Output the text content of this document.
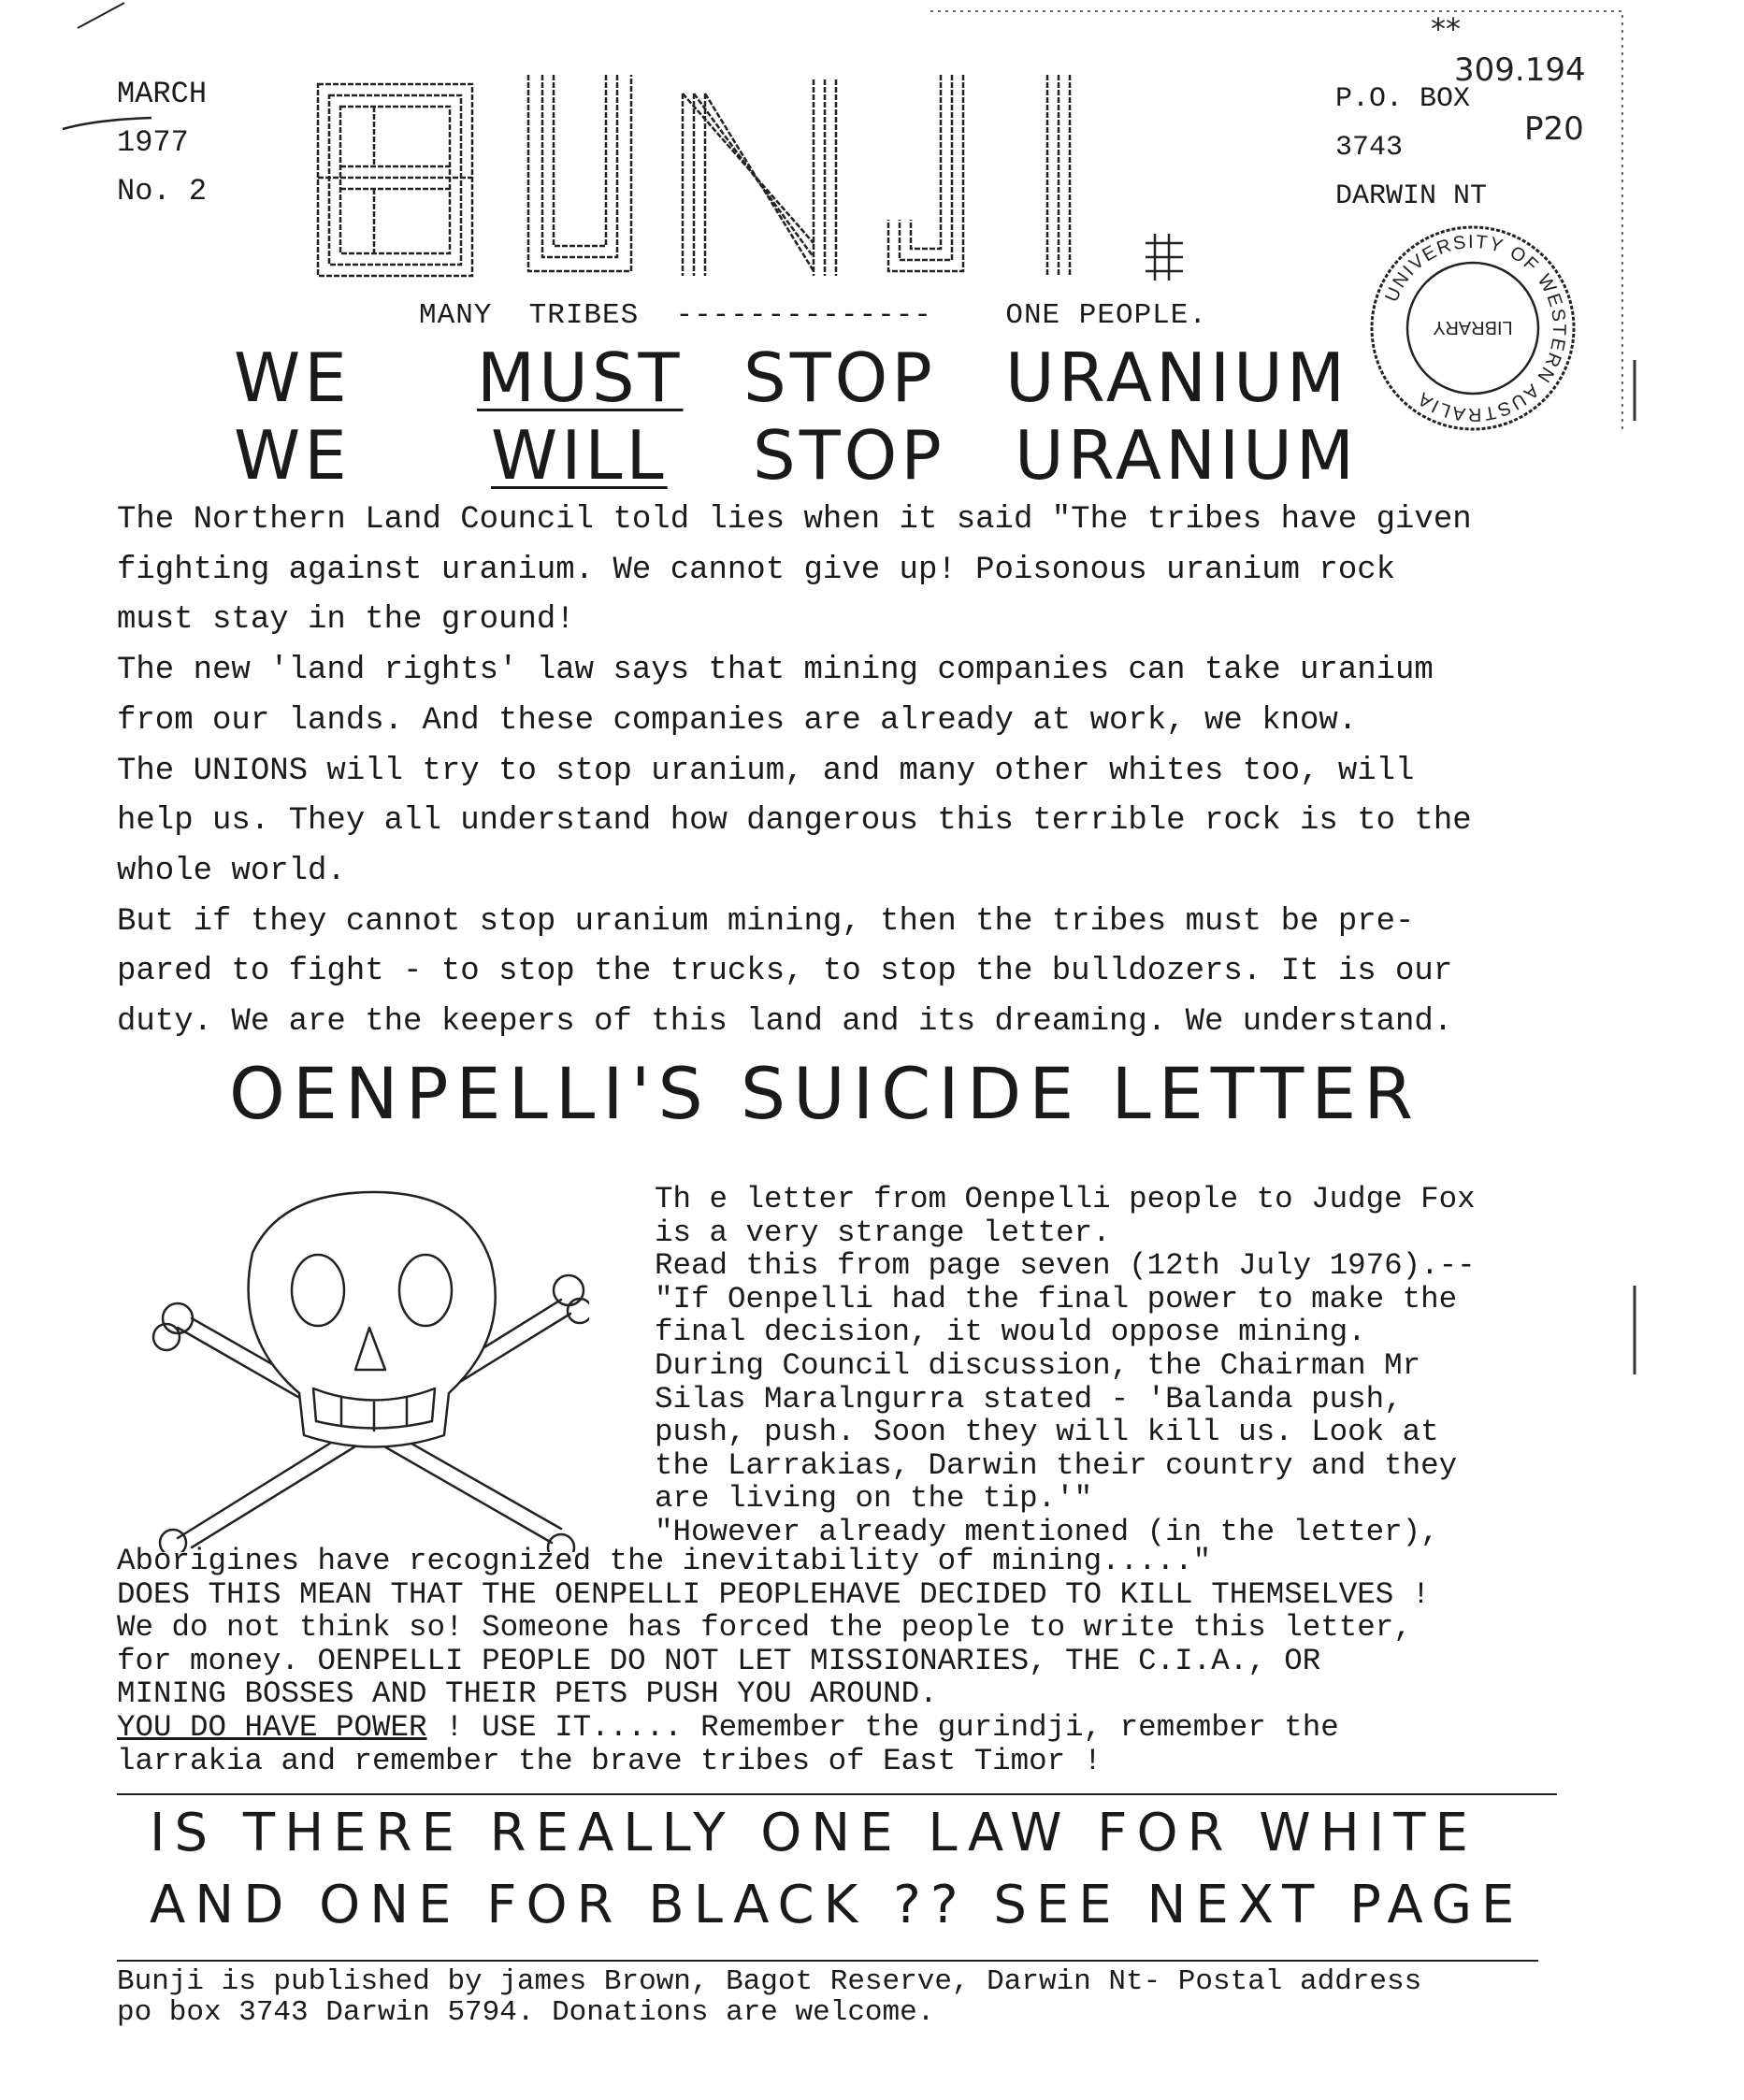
MARCH
1977
No. 2
P.O. BOX
3743
DARWIN NT
**
309.194
P20
UNIVERSITY OF WESTERN AUSTRALIA
LIBRARY
MANY  TRIBES --------------	ONE PEOPLE.
WE MUST STOP URANIUM
WE WILL STOP URANIUM

The Northern Land Council told lies when it said "The tribes have given

fighting against uranium. We cannot give up! Poisonous uranium rock

must stay in the ground!

The new 'land rights' law says that mining companies can take uranium

from our lands. And these companies are already at work, we know.

The UNIONS will try to stop uranium, and many other whites too, will

help us. They all understand how dangerous this terrible rock is to the

whole world.

But if they cannot stop uranium mining, then the tribes must be pre-

pared to fight - to stop the trucks, to stop the bulldozers. It is our

duty. We are the keepers of this land and its dreaming. We understand.

OENPELLI'S SUICIDE LETTER

Th e letter from Oenpelli people to Judge Fox

is a very strange letter.

Read this from page seven (12th July 1976).--

"If Oenpelli had the final power to make the

final decision, it would oppose mining.

During Council discussion, the Chairman Mr

Silas Maralngurra stated - 'Balanda push,

push, push. Soon they will kill us. Look at

the Larrakias, Darwin their country and they

are living on the tip.'"

"However already mentioned (in the letter),

Aborigines have recognized the inevitability of mining....."

DOES THIS MEAN THAT THE OENPELLI PEOPLEHAVE DECIDED TO KILL THEMSELVES !

We do not think so! Someone has forced the people to write this letter,

for money. OENPELLI PEOPLE DO NOT LET MISSIONARIES, THE C.I.A., OR

MINING BOSSES AND THEIR PETS PUSH YOU AROUND.

YOU DO HAVE POWER ! USE IT..... Remember the gurindji, remember the

larrakia and remember the brave tribes of East Timor !

IS THERE REALLY ONE LAW FOR WHITE
AND ONE FOR BLACK ?? SEE NEXT PAGE

Bunji is published by james Brown, Bagot Reserve, Darwin Nt- Postal address

po box 3743 Darwin 5794. Donations are welcome.
